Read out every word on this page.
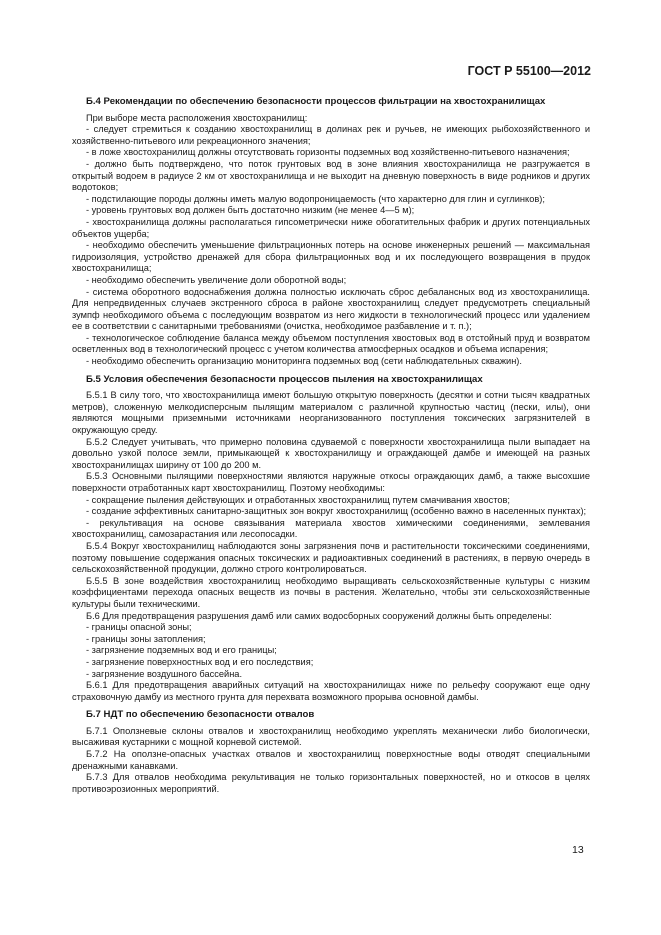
ГОСТ Р 55100—2012
Б.4 Рекомендации по обеспечению безопасности процессов фильтрации на хвостохранилищах

При выборе места расположения хвостохранилищ:

- следует стремиться к созданию хвостохранилищ в долинах рек и ручьев, не имеющих рыбохозяйственного и хозяйственно-питьевого или рекреационного значения;

- в ложе хвостохранилищ должны отсутствовать горизонты подземных вод хозяйственно-питьевого назначения;

- должно быть подтверждено, что поток грунтовых вод в зоне влияния хвостохранилища не разгружается в открытый водоем в радиусе 2 км от хвостохранилища и не выходит на дневную поверхность в виде родников и других водотоков;

- подстилающие породы должны иметь малую водопроницаемость (что характерно для глин и суглинков);

- уровень грунтовых вод должен быть достаточно низким (не менее 4—5 м);

- хвостохранилища должны располагаться гипсометрически ниже обогатительных фабрик и других потенциальных объектов ущерба;

- необходимо обеспечить уменьшение фильтрационных потерь на основе инженерных решений — максимальная гидроизоляция, устройство дренажей для сбора фильтрационных вод и их последующего возвращения в прудок хвостохранилища;

- необходимо обеспечить увеличение доли оборотной воды;

- система оборотного водоснабжения должна полностью исключать сброс дебалансных вод из хвостохранилища. Для непредвиденных случаев экстренного сброса в районе хвостохранилищ следует предусмотреть специальный зумпф необходимого объема с последующим возвратом из него жидкости в технологический процесс или удалением ее в соответствии с санитарными требованиями (очистка, необходимое разбавление и т. п.);

- технологическое соблюдение баланса между объемом поступления хвостовых вод в отстойный пруд и возвратом осветленных вод в технологический процесс с учетом количества атмосферных осадков и объема испарения;

- необходимо обеспечить организацию мониторинга подземных вод (сети наблюдательных скважин).

Б.5 Условия обеспечения безопасности процессов пыления на хвостохранилищах

Б.5.1 В силу того, что хвостохранилища имеют большую открытую поверхность (десятки и сотни тысяч квадратных метров), сложенную мелкодисперсным пылящим материалом с различной крупностью частиц (пески, илы), они являются мощными приземными источниками неорганизованного поступления токсических загрязнителей в окружающую среду.

Б.5.2 Следует учитывать, что примерно половина сдуваемой с поверхности хвостохранилища пыли выпадает на довольно узкой полосе земли, примыкающей к хвостохранилищу и ограждающей дамбе и имеющей на разных хвостохранилищах ширину от 100 до 200 м.

Б.5.3 Основными пылящими поверхностями являются наружные откосы ограждающих дамб, а также высохшие поверхности отработанных карт хвостохранилищ. Поэтому необходимы:

- сокращение пыления действующих и отработанных хвостохранилищ путем смачивания хвостов;

- создание эффективных санитарно-защитных зон вокруг хвостохранилищ (особенно важно в населенных пунктах);

- рекультивация на основе связывания материала хвостов химическими соединениями, землевания хвостохранилищ, самозарастания или лесопосадки.

Б.5.4 Вокруг хвостохранилищ наблюдаются зоны загрязнения почв и растительности токсическими соединениями, поэтому повышение содержания опасных токсических и радиоактивных соединений в растениях, в первую очередь в сельскохозяйственной продукции, должно строго контролироваться.

Б.5.5 В зоне воздействия хвостохранилищ необходимо выращивать сельскохозяйственные культуры с низким коэффициентами перехода опасных веществ из почвы в растения. Желательно, чтобы эти сельскохозяйственные культуры были техническими.

Б.6 Для предотвращения разрушения дамб или самих водосборных сооружений должны быть определены:

- границы опасной зоны;

- границы зоны затопления;

- загрязнение подземных вод и его границы;

- загрязнение поверхностных вод и его последствия;

- загрязнение воздушного бассейна.

Б.6.1 Для предотвращения аварийных ситуаций на хвостохранилищах ниже по рельефу сооружают еще одну страховочную дамбу из местного грунта для перехвата возможного прорыва основной дамбы.

Б.7 НДТ по обеспечению безопасности отвалов

Б.7.1 Оползневые склоны отвалов и хвостохранилищ необходимо укреплять механически либо биологически, высаживая кустарники с мощной корневой системой.

Б.7.2 На оползне-опасных участках отвалов и хвостохранилищ поверхностные воды отводят специальными дренажными канавками.

Б.7.3 Для отвалов необходима рекультивация не только горизонтальных поверхностей, но и откосов в целях противоэрозионных мероприятий.

13
